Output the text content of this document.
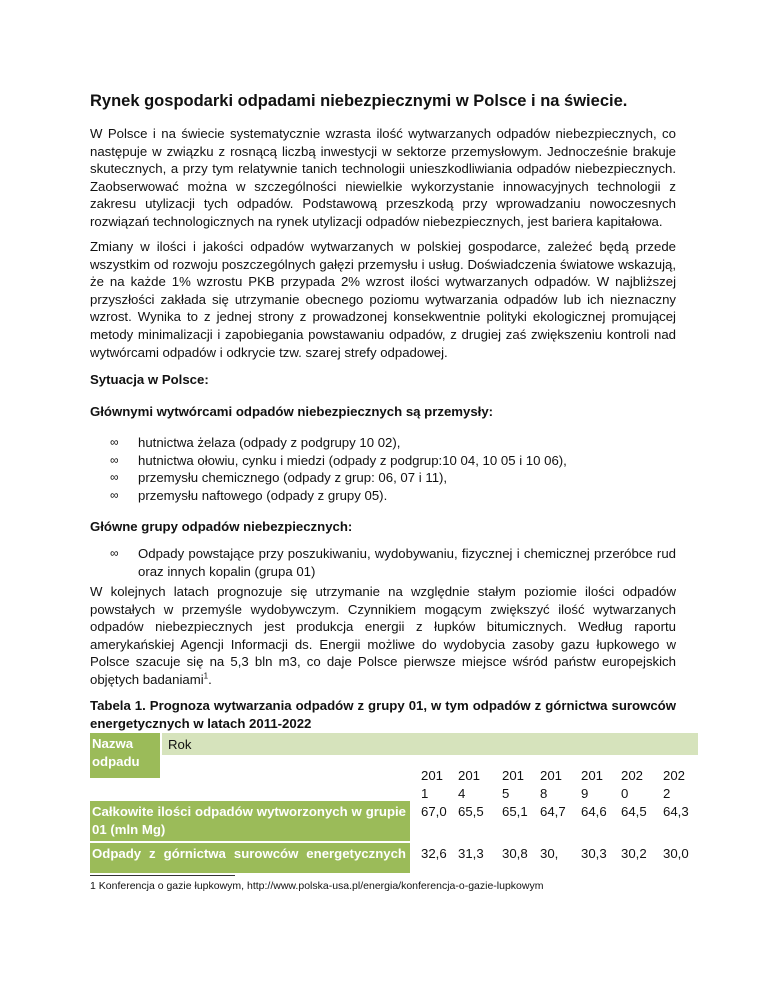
Rynek gospodarki odpadami niebezpiecznymi w Polsce i na świecie.

W Polsce i na świecie systematycznie wzrasta ilość wytwarzanych odpadów niebezpiecznych, co następuje w związku z rosnącą liczbą inwestycji w sektorze przemysłowym. Jednocześnie brakuje skutecznych, a przy tym relatywnie tanich technologii unieszkodliwiania odpadów niebezpiecznych. Zaobserwować można w szczególności niewielkie wykorzystanie innowacyjnych technologii z zakresu utylizacji tych odpadów. Podstawową przeszkodą przy wprowadzaniu nowoczesnych rozwiązań technologicznych na rynek utylizacji odpadów niebezpiecznych, jest bariera kapitałowa.

Zmiany w ilości i jakości odpadów wytwarzanych w polskiej gospodarce, zależeć będą przede wszystkim od rozwoju poszczególnych gałęzi przemysłu i usług. Doświadczenia światowe wskazują, że na każde 1% wzrostu PKB przypada 2% wzrost ilości wytwarzanych odpadów. W najbliższej przyszłości zakłada się utrzymanie obecnego poziomu wytwarzania odpadów lub ich nieznaczny wzrost. Wynika to z jednej strony z prowadzonej konsekwentnie polityki ekologicznej promującej metody minimalizacji i zapobiegania powstawaniu odpadów, z drugiej zaś zwiększeniu kontroli nad wytwórcami odpadów i odkrycie tzw. szarej strefy odpadowej.

Sytuacja w Polsce:
Głównymi wytwórcami odpadów niebezpiecznych są przemysły:
∞ hutnictwa żelaza (odpady z podgrupy 10 02),
∞ hutnictwa ołowiu, cynku i miedzi (odpady z podgrup:10 04, 10 05 i 10 06),
∞ przemysłu chemicznego (odpady z grup: 06, 07 i 11),
∞ przemysłu naftowego (odpady z grupy 05).
Główne grupy odpadów niebezpiecznych:
∞ Odpady powstające przy poszukiwaniu, wydobywaniu, fizycznej i chemicznej przeróbce rud oraz innych kopalin (grupa 01)

W kolejnych latach prognozuje się utrzymanie na względnie stałym poziomie ilości odpadów powstałych w przemyśle wydobywczym. Czynnikiem mogącym zwiększyć ilość wytwarzanych odpadów niebezpiecznych jest produkcja energii z łupków bitumicznych. Według raportu amerykańskiej Agencji Informacji ds. Energii możliwe do wydobycia zasoby gazu łupkowego w Polsce szacuje się na 5,3 bln m3, co daje Polsce pierwsze miejsce wśród państw europejskich objętych badaniami$^1$.

Tabela 1. Prognoza wytwarzania odpadów z grupy 01, w tym odpadów z górnictwa surowców energetycznych w latach 2011-2022
Nazwa odpadu
Rok
201
1
201
4
201
5
201
8
201
9
202
0
202
2
Całkowite ilości odpadów wytworzonych w grupie 01 (mln Mg)
67,0 65,5 65,1 64,7 64,6 64,5 64,3
Odpady z górnictwa surowców energetycznych	32,6 31,3 30,8 30, 30,3 30,2 30,0
1 Konferencja o gazie łupkowym, http://www.polska-usa.pl/energia/konferencja-o-gazie-lupkowym
